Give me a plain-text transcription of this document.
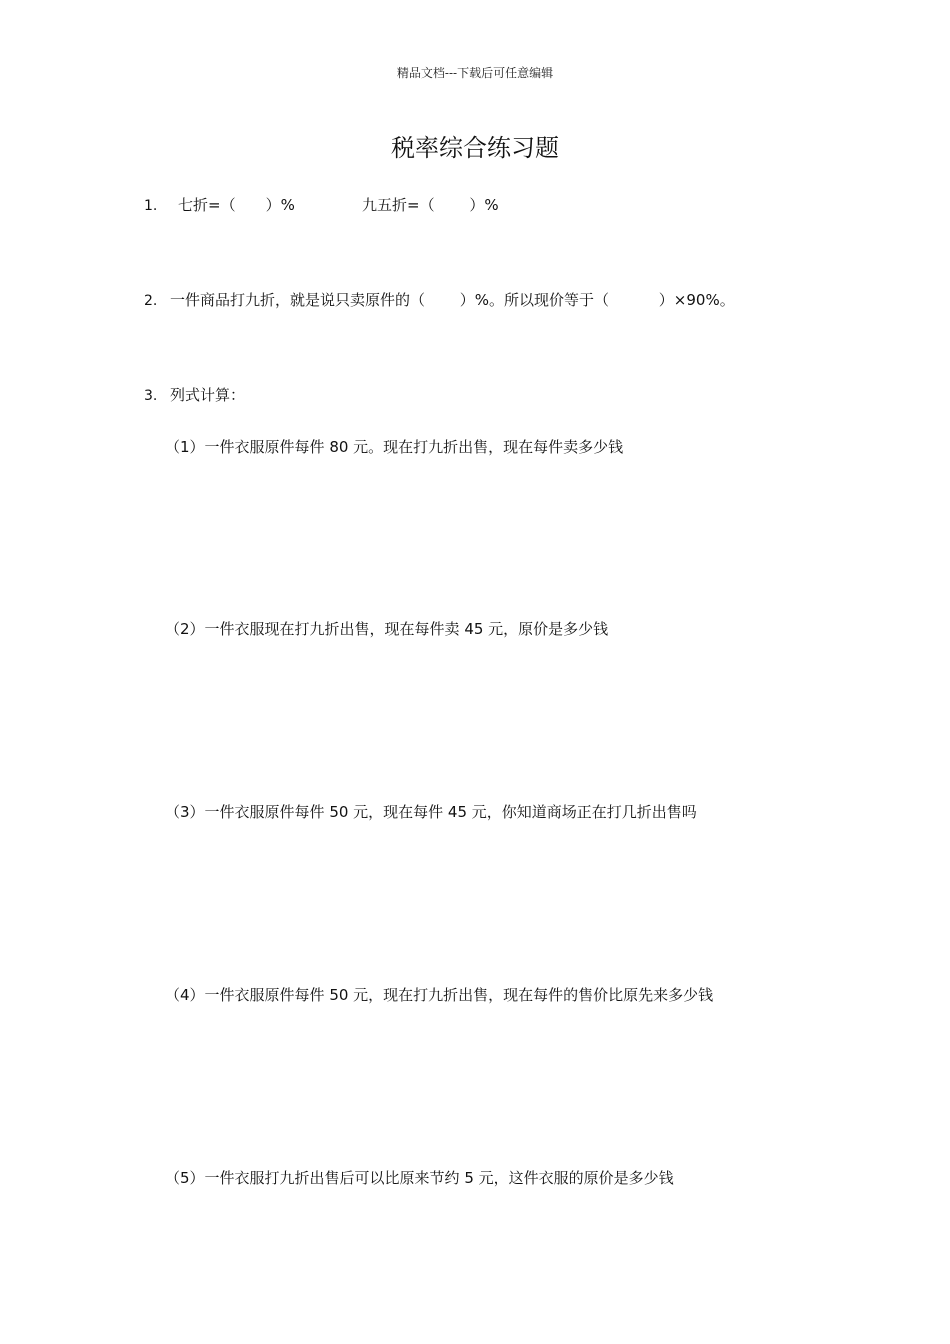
精品文档---下载后可任意编辑
税率综合练习题
1. 七折=（　　）%	九五折=（　　 ）%
2. 一件商品打九折，就是说只卖原件的（　　 ）%。所以现价等于（　　　 ）×90%。
3. 列式计算：
（1）一件衣服原件每件 80 元。现在打九折出售，现在每件卖多少钱
（2）一件衣服现在打九折出售，现在每件卖 45 元，原价是多少钱
（3）一件衣服原件每件 50 元，现在每件 45 元，你知道商场正在打几折出售吗
（4）一件衣服原件每件 50 元，现在打九折出售，现在每件的售价比原先来多少钱
（5）一件衣服打九折出售后可以比原来节约 5 元，这件衣服的原价是多少钱
